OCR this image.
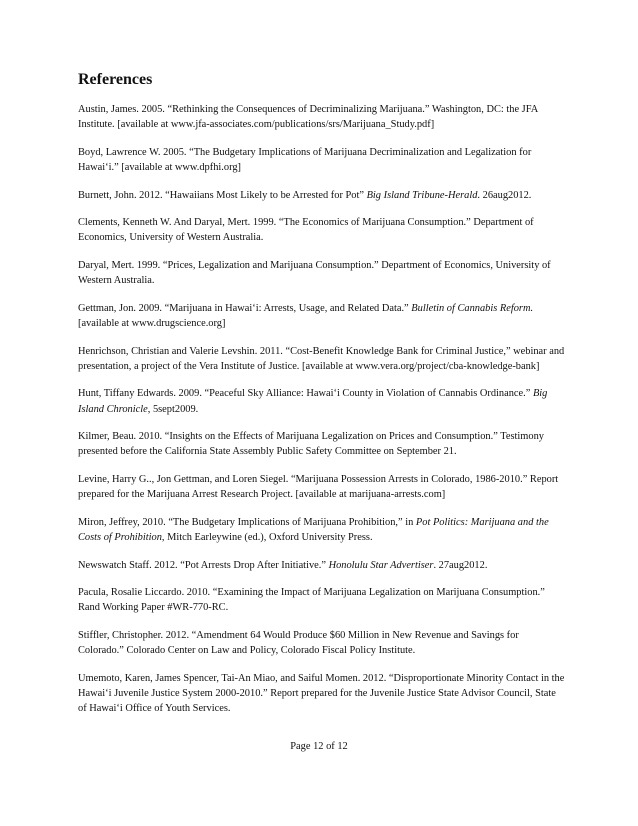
References
Austin, James. 2005. “Rethinking the Consequences of Decriminalizing Marijuana.” Washington, DC: the JFA Institute. [available at www.jfa-associates.com/publications/srs/Marijuana_Study.pdf]
Boyd, Lawrence W. 2005. “The Budgetary Implications of Marijuana Decriminalization and Legalization for Hawai‘i.” [available at www.dpfhi.org]
Burnett, John. 2012. “Hawaiians Most Likely to be Arrested for Pot” Big Island Tribune-Herald. 26aug2012.
Clements, Kenneth W. And Daryal, Mert. 1999. “The Economics of Marijuana Consumption.” Department of Economics, University of Western Australia.
Daryal, Mert. 1999. “Prices, Legalization and Marijuana Consumption.” Department of Economics, University of Western Australia.
Gettman, Jon. 2009. “Marijuana in Hawai‘i: Arrests, Usage, and Related Data.” Bulletin of Cannabis Reform. [available at www.drugscience.org]
Henrichson, Christian and Valerie Levshin. 2011. “Cost-Benefit Knowledge Bank for Criminal Justice,” webinar and presentation, a project of the Vera Institute of Justice. [available at www.vera.org/project/cba-knowledge-bank]
Hunt, Tiffany Edwards. 2009. “Peaceful Sky Alliance: Hawai‘i County in Violation of Cannabis Ordinance.” Big Island Chronicle, 5sept2009.
Kilmer, Beau. 2010. “Insights on the Effects of Marijuana Legalization on Prices and Consumption.” Testimony presented before the California State Assembly Public Safety Committee on September 21.
Levine, Harry G.., Jon Gettman, and Loren Siegel. “Marijuana Possession Arrests in Colorado, 1986-2010.” Report prepared for the Marijuana Arrest Research Project. [available at marijuana-arrests.com]
Miron, Jeffrey, 2010. “The Budgetary Implications of Marijuana Prohibition,” in Pot Politics: Marijuana and the Costs of Prohibition, Mitch Earleywine (ed.), Oxford University Press.
Newswatch Staff. 2012. “Pot Arrests Drop After Initiative.” Honolulu Star Advertiser. 27aug2012.
Pacula, Rosalie Liccardo. 2010. “Examining the Impact of Marijuana Legalization on Marijuana Consumption.” Rand Working Paper #WR-770-RC.
Stiffler, Christopher. 2012. “Amendment 64 Would Produce $60 Million in New Revenue and Savings for Colorado.” Colorado Center on Law and Policy, Colorado Fiscal Policy Institute.
Umemoto, Karen, James Spencer, Tai-An Miao, and Saiful Momen. 2012. “Disproportionate Minority Contact in the Hawai‘i Juvenile Justice System 2000-2010.” Report prepared for the Juvenile Justice State Advisor Council, State of Hawai‘i Office of Youth Services.
Page 12 of 12
